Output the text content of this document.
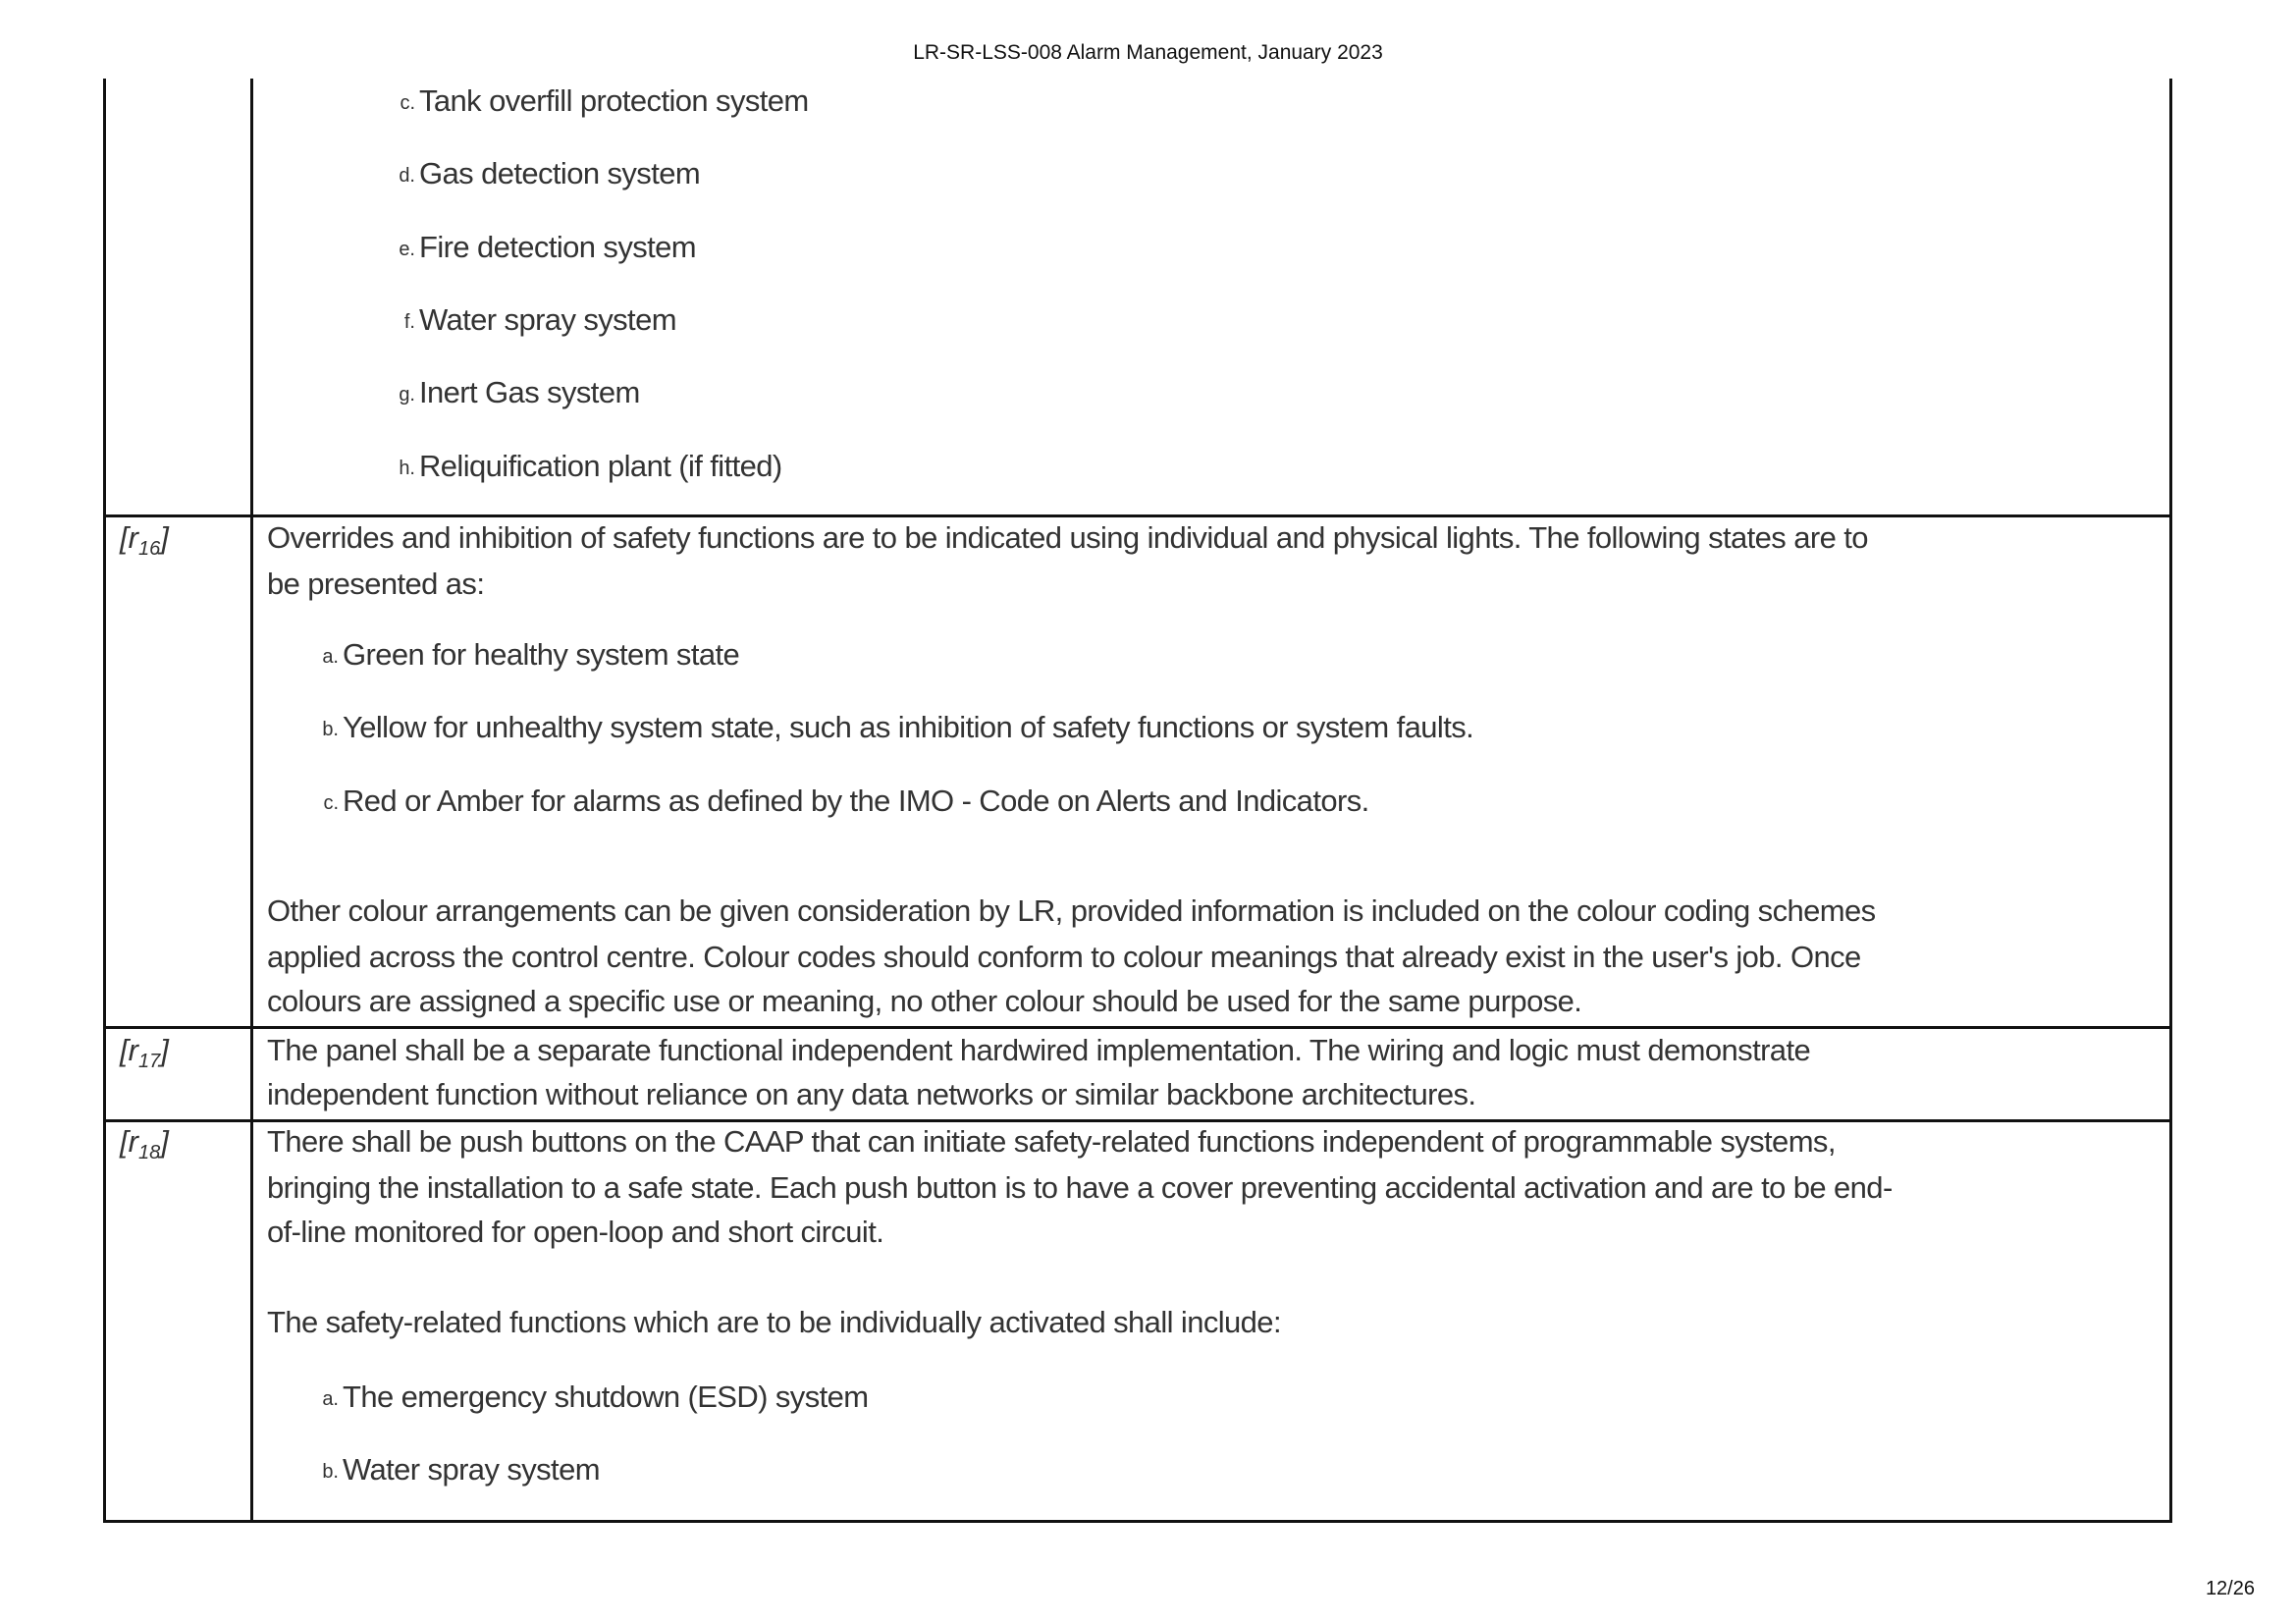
LR-SR-LSS-008 Alarm Management, January 2023
c. Tank overfill protection system
d. Gas detection system
e. Fire detection system
f. Water spray system
g. Inert Gas system
h. Reliquification plant (if fitted)
$[r_{16}]$	Overrides and inhibition of safety functions are to be indicated using individual and physical lights. The following states are to
be presented as:
a. Green for healthy system state
b. Yellow for unhealthy system state, such as inhibition of safety functions or system faults.
c. Red or Amber for alarms as defined by the IMO - Code on Alerts and Indicators.
Other colour arrangements can be given consideration by LR, provided information is included on the colour coding schemes
applied across the control centre. Colour codes should conform to colour meanings that already exist in the user's job. Once
colours are assigned a specific use or meaning, no other colour should be used for the same purpose.
$[r_{17}]$	The panel shall be a separate functional independent hardwired implementation. The wiring and logic must demonstrate
independent function without reliance on any data networks or similar backbone architectures.
$[r_{18}]$	There shall be push buttons on the CAAP that can initiate safety-related functions independent of programmable systems,
bringing the installation to a safe state. Each push button is to have a cover preventing accidental activation and are to be end-
of-line monitored for open-loop and short circuit.
The safety-related functions which are to be individually activated shall include:
a. The emergency shutdown (ESD) system
b. Water spray system
12/26
